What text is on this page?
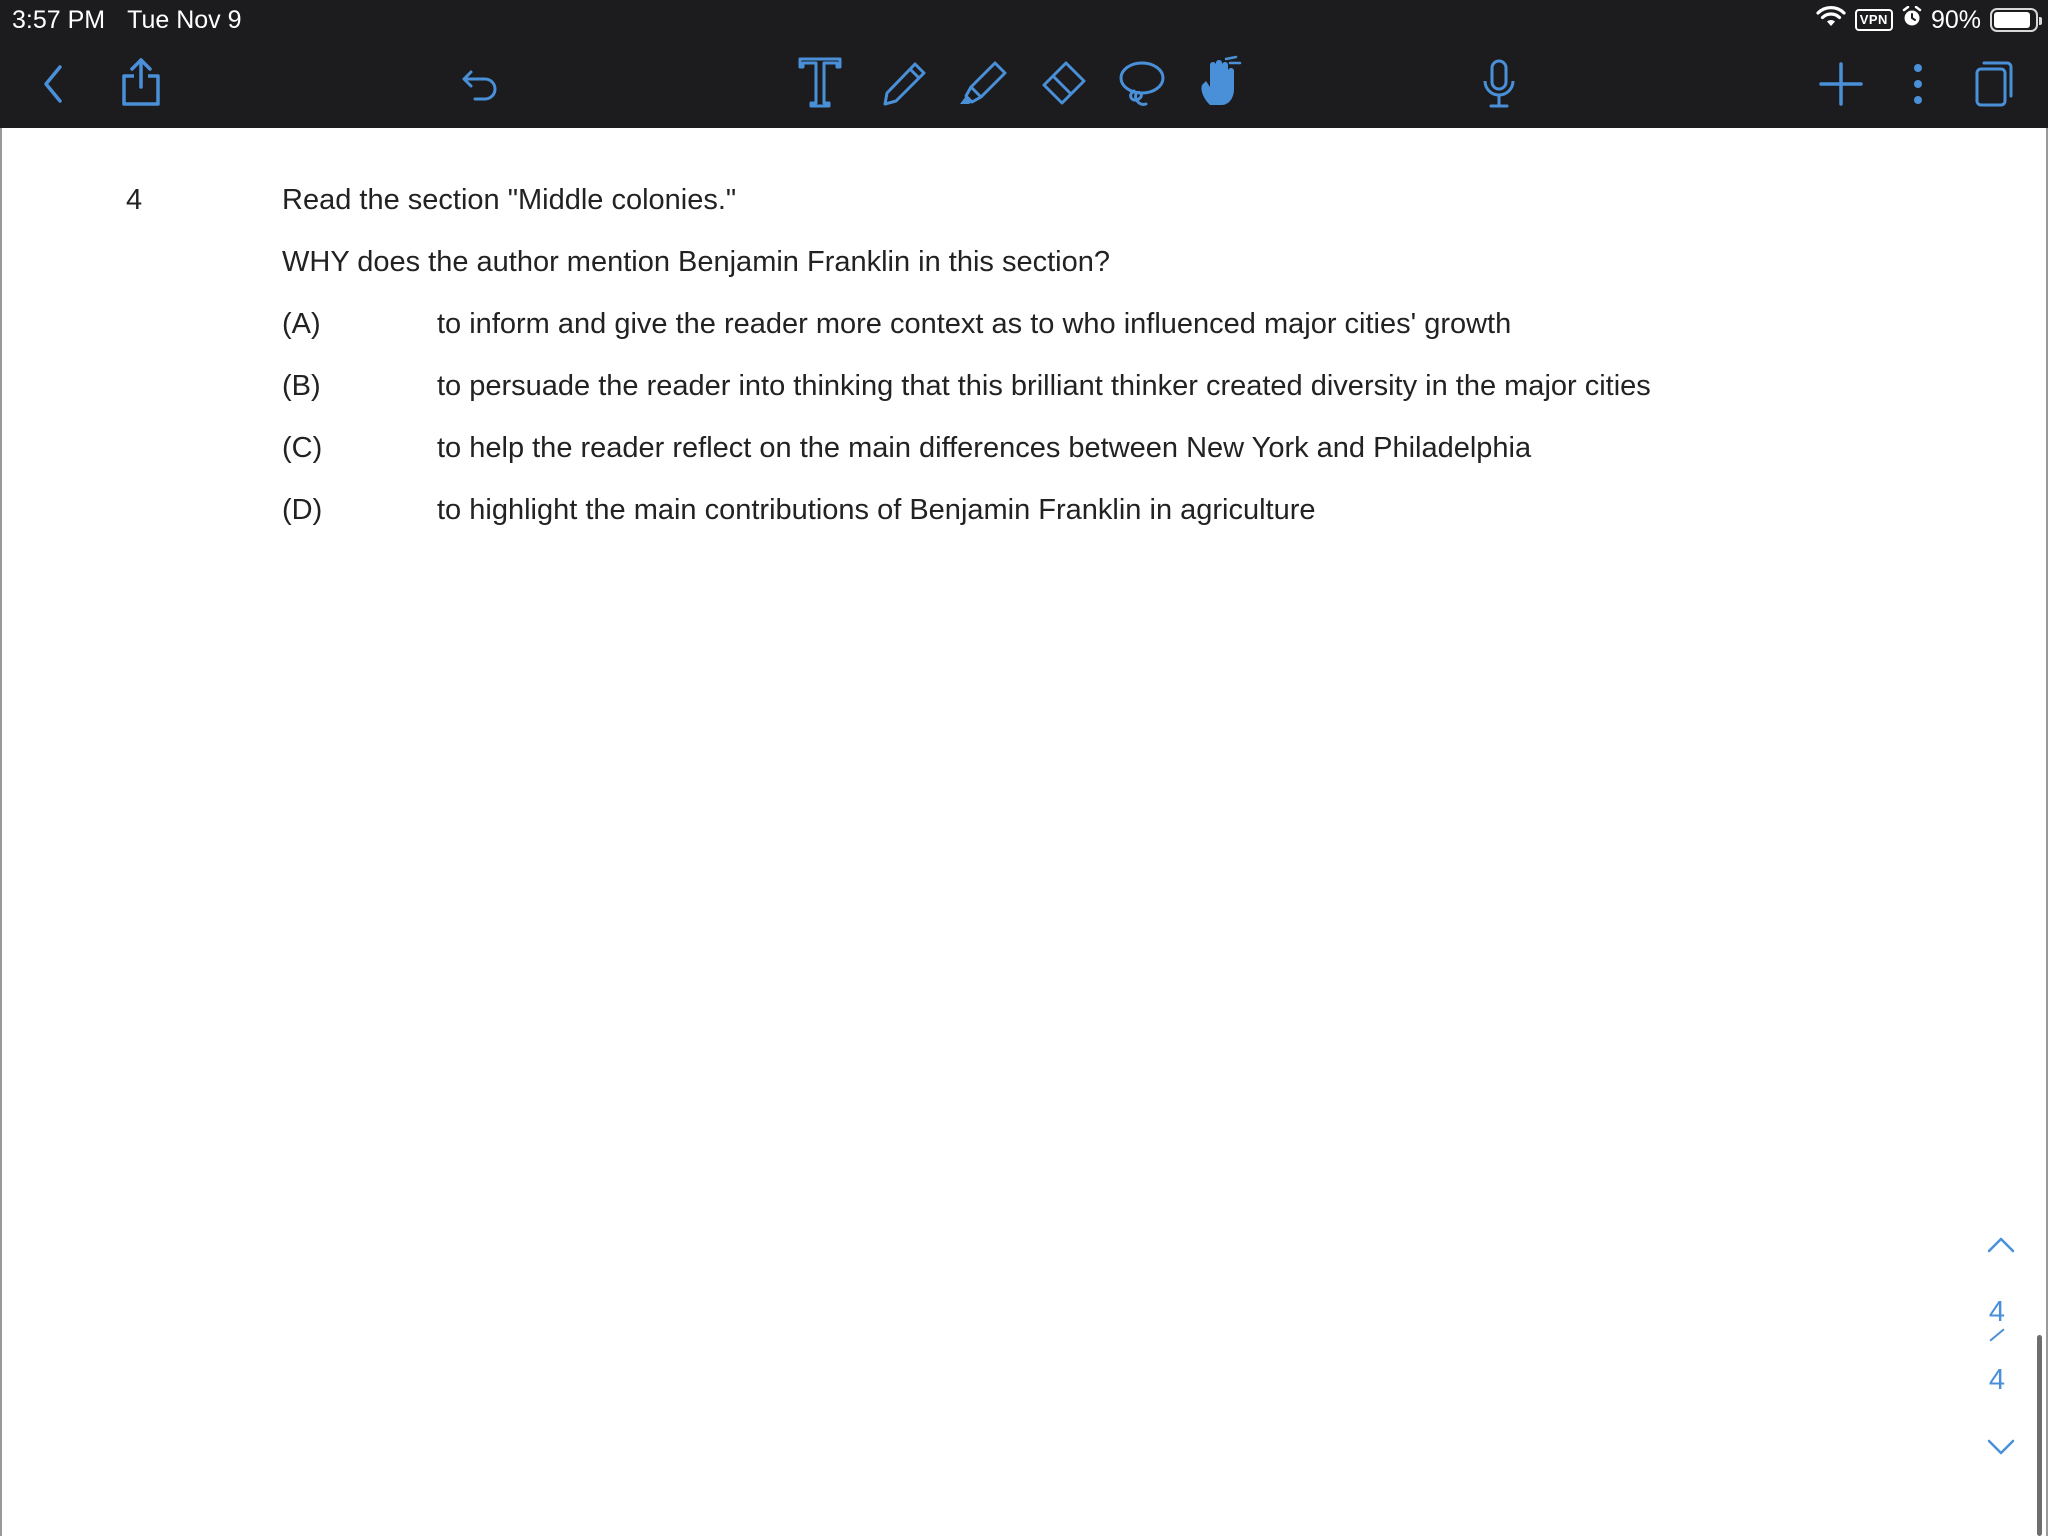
3:57 PM Tue Nov 9	VPN 90%
4	Read the section "Middle colonies."
WHY does the author mention Benjamin Franklin in this section?
(A)	to inform and give the reader more context as to who influenced major cities' growth
(B)	to persuade the reader into thinking that this brilliant thinker created diversity in the major cities
(C)	to help the reader reflect on the main differences between New York and Philadelphia
(D)	to highlight the main contributions of Benjamin Franklin in agriculture
4
4
